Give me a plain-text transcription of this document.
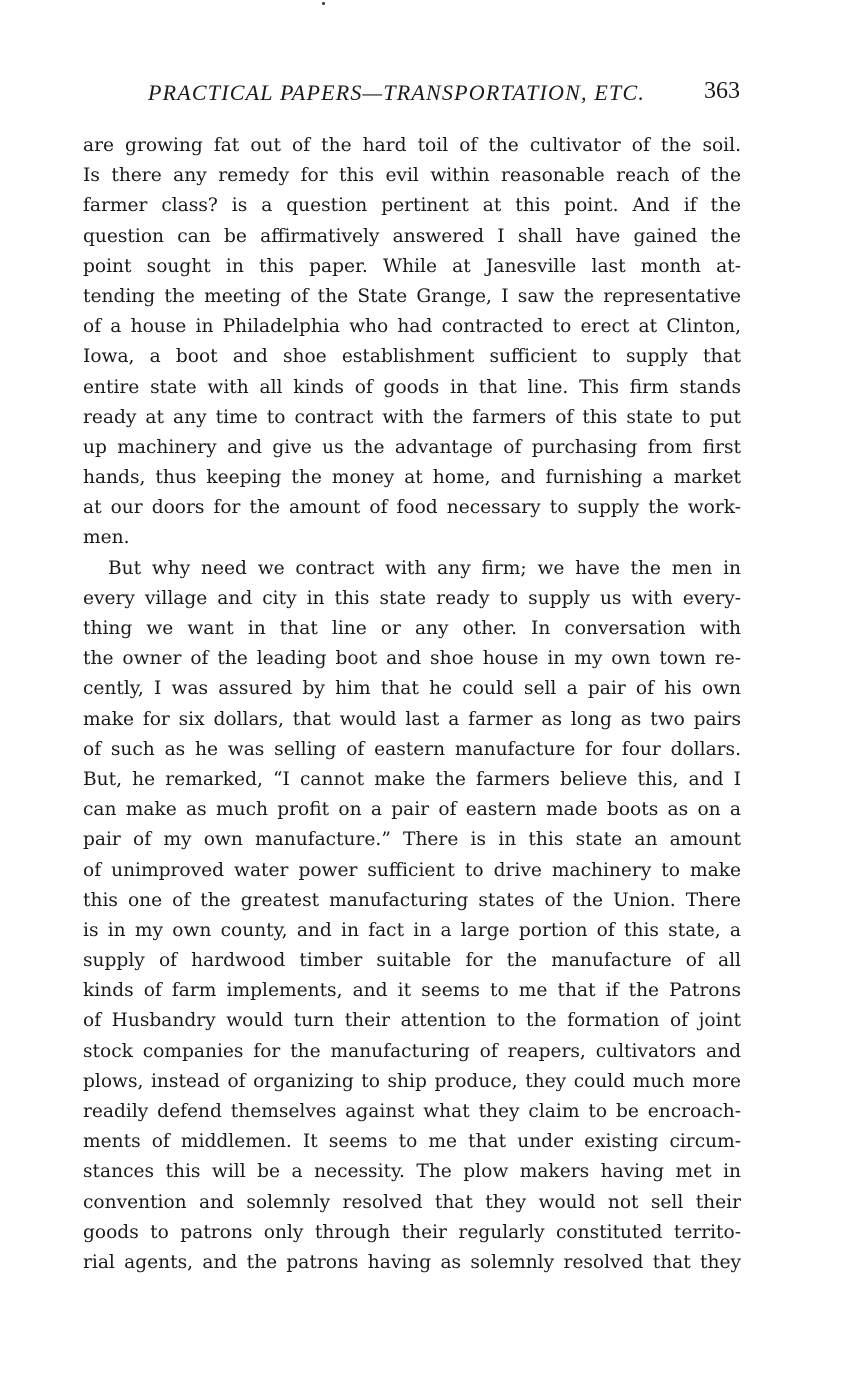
PRACTICAL PAPERS—TRANSPORTATION, ETC. 363
are growing fat out of the hard toil of the cultivator of the soil.
Is there any remedy for this evil within reasonable reach of the
farmer class? is a question pertinent at this point. And if the
question can be affirmatively answered I shall have gained the
point sought in this paper. While at Janesville last month at-
tending the meeting of the State Grange, I saw the representative
of a house in Philadelphia who had contracted to erect at Clinton,
Iowa, a boot and shoe establishment sufficient to supply that
entire state with all kinds of goods in that line. This firm stands
ready at any time to contract with the farmers of this state to put
up machinery and give us the advantage of purchasing from first
hands, thus keeping the money at home, and furnishing a market
at our doors for the amount of food necessary to supply the work-
men.
But why need we contract with any firm; we have the men in
every village and city in this state ready to supply us with every-
thing we want in that line or any other. In conversation with
the owner of the leading boot and shoe house in my own town re-
cently, I was assured by him that he could sell a pair of his own
make for six dollars, that would last a farmer as long as two pairs
of such as he was selling of eastern manufacture for four dollars.
But, he remarked, “I cannot make the farmers believe this, and I
can make as much profit on a pair of eastern made boots as on a
pair of my own manufacture.” There is in this state an amount
of unimproved water power sufficient to drive machinery to make
this one of the greatest manufacturing states of the Union. There
is in my own county, and in fact in a large portion of this state, a
supply of hardwood timber suitable for the manufacture of all
kinds of farm implements, and it seems to me that if the Patrons
of Husbandry would turn their attention to the formation of joint
stock companies for the manufacturing of reapers, cultivators and
plows, instead of organizing to ship produce, they could much more
readily defend themselves against what they claim to be encroach-
ments of middlemen. It seems to me that under existing circum-
stances this will be a necessity. The plow makers having met in
convention and solemnly resolved that they would not sell their
goods to patrons only through their regularly constituted territo-
rial agents, and the patrons having as solemnly resolved that they
